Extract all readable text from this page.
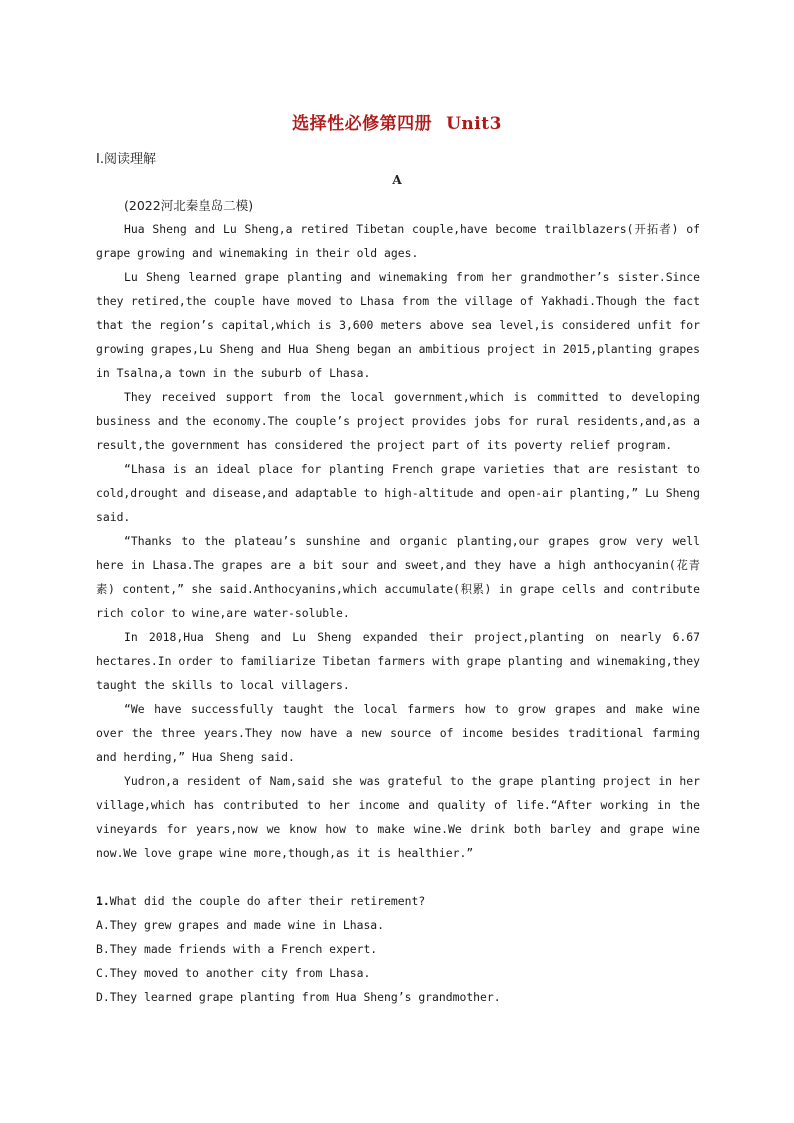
选择性必修第四册 Unit3
Ⅰ.阅读理解
A
(2022河北秦皇岛二模)

Hua Sheng and Lu Sheng,a retired Tibetan couple,have become trailblazers(开拓者) of grape growing and winemaking in their old ages.

Lu Sheng learned grape planting and winemaking from her grandmother’s sister.Since they retired,the couple have moved to Lhasa from the village of Yakhadi.Though the fact that the region’s capital,which is 3,600 meters above sea level,is considered unfit for growing grapes,Lu Sheng and Hua Sheng began an ambitious project in 2015,planting grapes in Tsalna,a town in the suburb of Lhasa.

They received support from the local government,which is committed to developing business and the economy.The couple’s project provides jobs for rural residents,and,as a result,the government has considered the project part of its poverty relief program.

“Lhasa is an ideal place for planting French grape varieties that are resistant to cold,drought and disease,and adaptable to high-altitude and open-air planting,” Lu Sheng said.

“Thanks to the plateau’s sunshine and organic planting,our grapes grow very well here in Lhasa.The grapes are a bit sour and sweet,and they have a high anthocyanin(花青素) content,” she said.Anthocyanins,which accumulate(积累) in grape cells and contribute rich color to wine,are water-soluble.

In 2018,Hua Sheng and Lu Sheng expanded their project,planting on nearly 6.67 hectares.In order to familiarize Tibetan farmers with grape planting and winemaking,they taught the skills to local villagers.

“We have successfully taught the local farmers how to grow grapes and make wine over the three years.They now have a new source of income besides traditional farming and herding,” Hua Sheng said.

Yudron,a resident of Nam,said she was grateful to the grape planting project in her village,which has contributed to her income and quality of life.“After working in the vineyards for years,now we know how to make wine.We drink both barley and grape wine now.We love grape wine more,though,as it is healthier.”

1.What did the couple do after their retirement?

A.They grew grapes and made wine in Lhasa.

B.They made friends with a French expert.

C.They moved to another city from Lhasa.

D.They learned grape planting from Hua Sheng’s grandmother.
